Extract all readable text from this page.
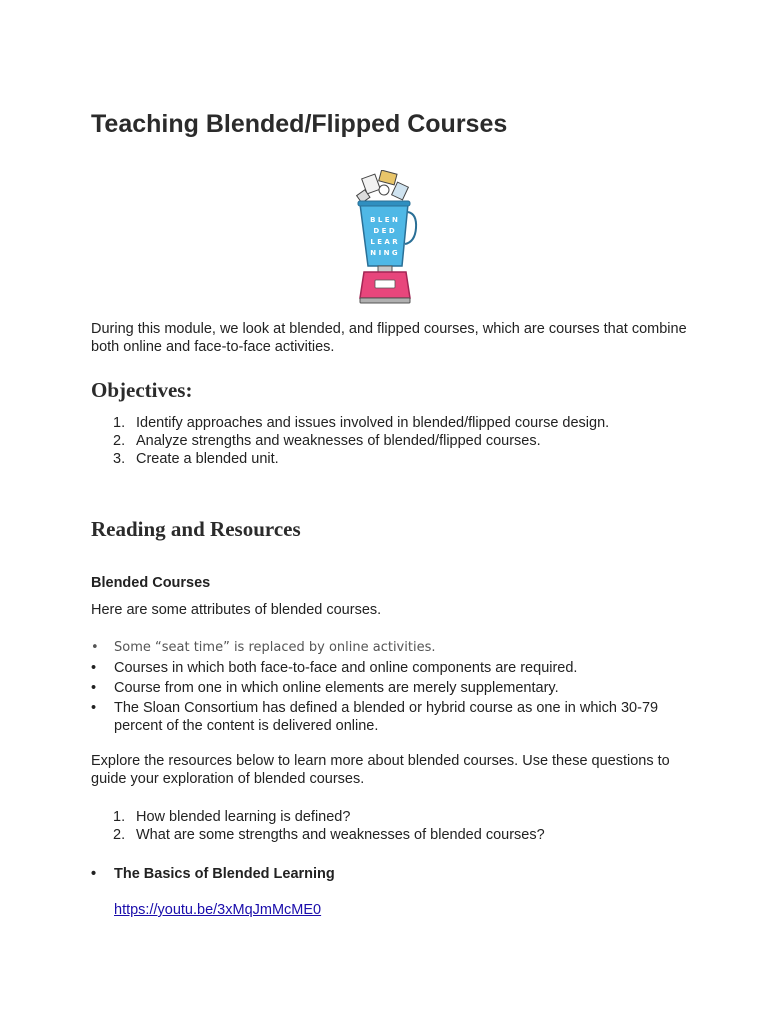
Teaching Blended/Flipped Courses
B L E N
D E D
L E A R
N I N G

During this module, we look at blended, and flipped courses, which are courses that combine both online and face-to-face activities.

Objectives:
1. Identify approaches and issues involved in blended/flipped course design.
2. Analyze strengths and weaknesses of blended/flipped courses.
3. Create a blended unit.
Reading and Resources
Blended Courses

Here are some attributes of blended courses.

• Some “seat time” is replaced by online activities.
• Courses in which both face-to-face and online components are required.
• Course from one in which online elements are merely supplementary.
• The Sloan Consortium has defined a blended or hybrid course as one in which 30-79 percent of the content is delivered online.

Explore the resources below to learn more about blended courses. Use these questions to guide your exploration of blended courses.

1. How blended learning is defined?
2. What are some strengths and weaknesses of blended courses?
• The Basics of Blended Learning
https://youtu.be/3xMqJmMcME0
